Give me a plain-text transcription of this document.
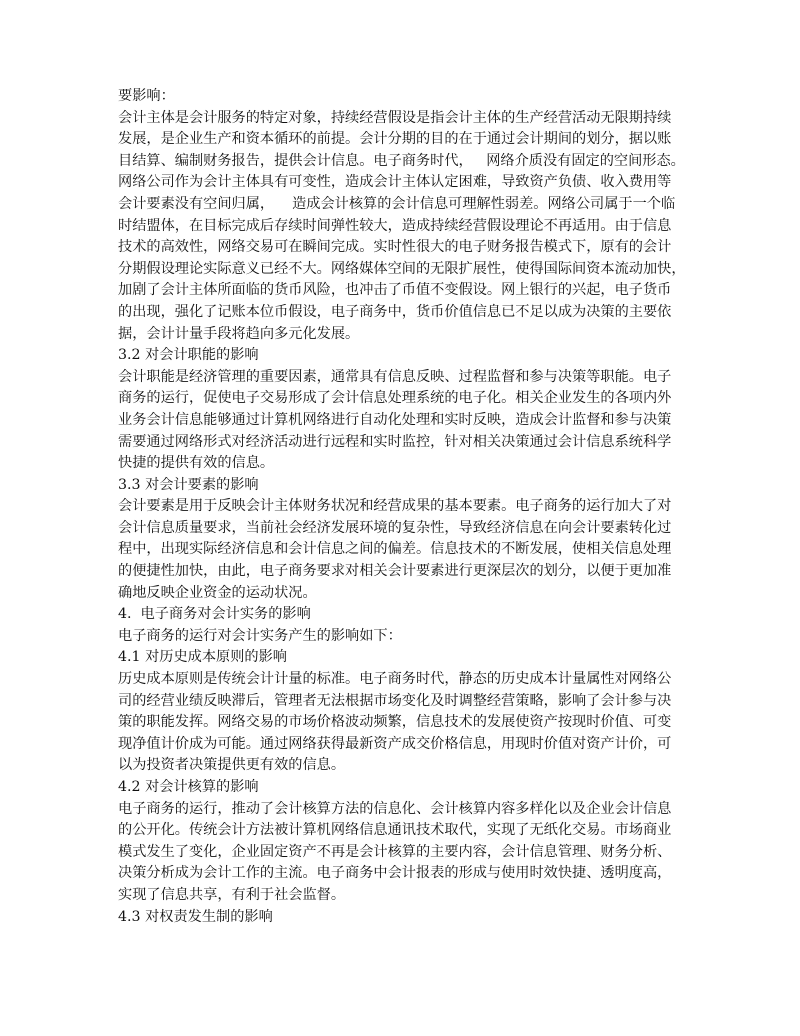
要影响：
会计主体是会计服务的特定对象，持续经营假设是指会计主体的生产经营活动无限期持续
发展，是企业生产和资本循环的前提。会计分期的目的在于通过会计期间的划分，据以账
目结算、编制财务报告，提供会计信息。电子商务时代，   网络介质没有固定的空间形态。
网络公司作为会计主体具有可变性，造成会计主体认定困难，导致资产负债、收入费用等
会计要素没有空间归属，    造成会计核算的会计信息可理解性弱差。网络公司属于一个临
时结盟体，在目标完成后存续时间弹性较大，造成持续经营假设理论不再适用。由于信息
技术的高效性，网络交易可在瞬间完成。实时性很大的电子财务报告模式下，原有的会计
分期假设理论实际意义已经不大。网络媒体空间的无限扩展性，使得国际间资本流动加快，
加剧了会计主体所面临的货币风险，也冲击了币值不变假设。网上银行的兴起，电子货币
的出现，强化了记账本位币假设，电子商务中，货币价值信息已不足以成为决策的主要依
据，会计计量手段将趋向多元化发展。
3.2 对会计职能的影响
会计职能是经济管理的重要因素，通常具有信息反映、过程监督和参与决策等职能。电子
商务的运行，促使电子交易形成了会计信息处理系统的电子化。相关企业发生的各项内外
业务会计信息能够通过计算机网络进行自动化处理和实时反映，造成会计监督和参与决策
需要通过网络形式对经济活动进行远程和实时监控，针对相关决策通过会计信息系统科学
快捷的提供有效的信息。
3.3 对会计要素的影响
会计要素是用于反映会计主体财务状况和经营成果的基本要素。电子商务的运行加大了对
会计信息质量要求，当前社会经济发展环境的复杂性，导致经济信息在向会计要素转化过
程中，出现实际经济信息和会计信息之间的偏差。信息技术的不断发展，使相关信息处理
的便捷性加快，由此，电子商务要求对相关会计要素进行更深层次的划分，以便于更加准
确地反映企业资金的运动状况。
4.  电子商务对会计实务的影响
电子商务的运行对会计实务产生的影响如下：
4.1 对历史成本原则的影响
历史成本原则是传统会计计量的标准。电子商务时代，静态的历史成本计量属性对网络公
司的经营业绩反映滞后，管理者无法根据市场变化及时调整经营策略，影响了会计参与决
策的职能发挥。网络交易的市场价格波动频繁，信息技术的发展使资产按现时价值、可变
现净值计价成为可能。通过网络获得最新资产成交价格信息，用现时价值对资产计价，可
以为投资者决策提供更有效的信息。
4.2 对会计核算的影响
电子商务的运行，推动了会计核算方法的信息化、会计核算内容多样化以及企业会计信息
的公开化。传统会计方法被计算机网络信息通讯技术取代，实现了无纸化交易。市场商业
模式发生了变化，企业固定资产不再是会计核算的主要内容，会计信息管理、财务分析、
决策分析成为会计工作的主流。电子商务中会计报表的形成与使用时效快捷、透明度高，
实现了信息共享，有利于社会监督。
4.3 对权责发生制的影响
